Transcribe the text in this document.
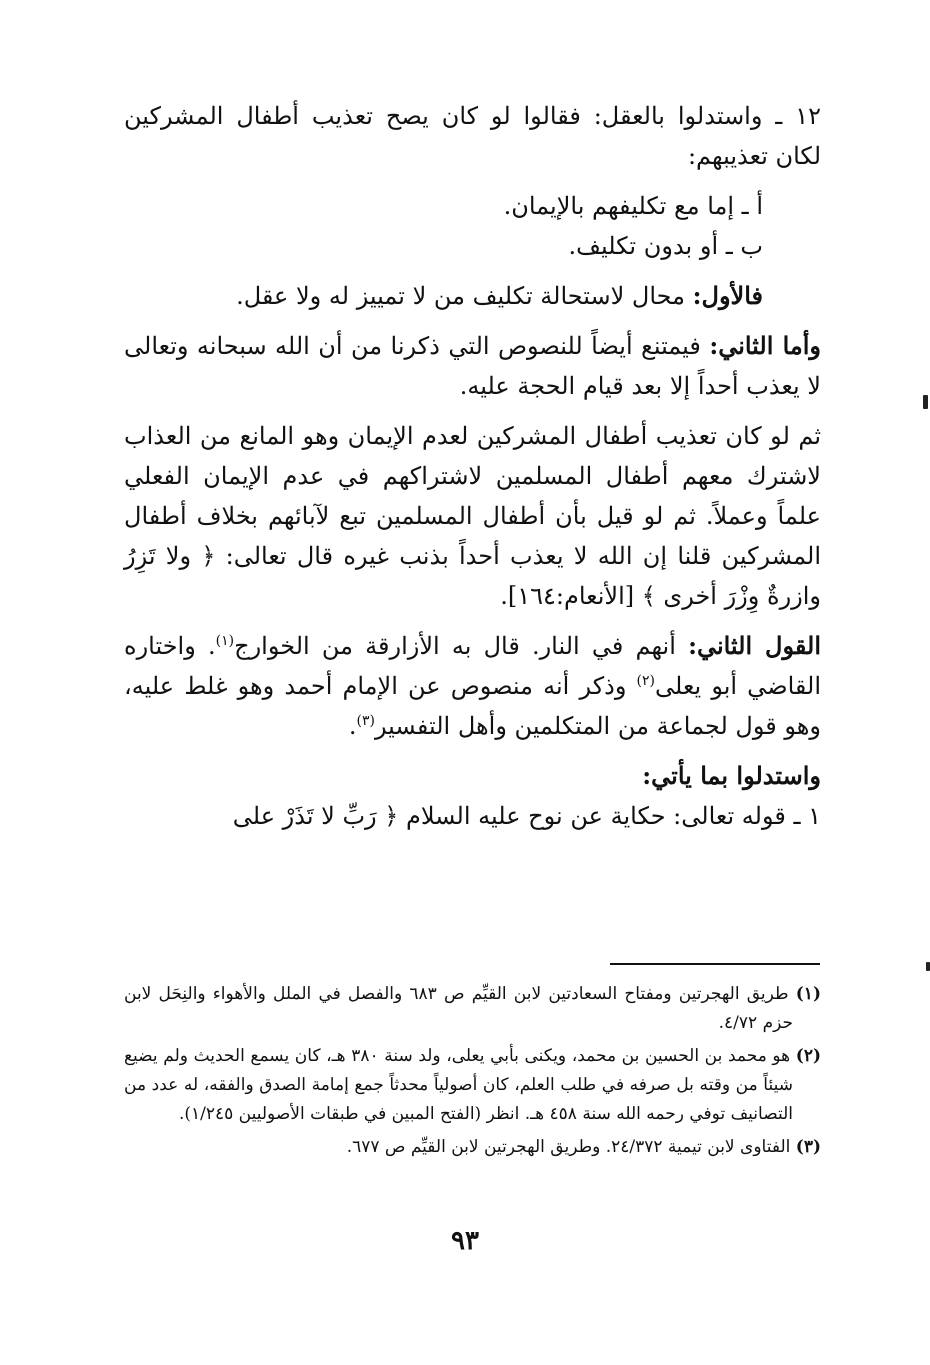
١٢ ـ واستدلوا بالعقل: فقالوا لو كان يصح تعذيب أطفال المشركين لكان تعذيبهم:

أ ـ إما مع تكليفهم بالإيمان.

ب ـ أو بدون تكليف.

فالأول: محال لاستحالة تكليف من لا تمييز له ولا عقل.

وأما الثاني: فيمتنع أيضاً للنصوص التي ذكرنا من أن الله سبحانه وتعالى لا يعذب أحداً إلا بعد قيام الحجة عليه.

ثم لو كان تعذيب أطفال المشركين لعدم الإيمان وهو المانع من العذاب لاشترك معهم أطفال المسلمين لاشتراكهم في عدم الإيمان الفعلي علماً وعملاً. ثم لو قيل بأن أطفال المسلمين تبع لآبائهم بخلاف أطفال المشركين قلنا إن الله لا يعذب أحداً بذنب غيره قال تعالى: ﴿ ولا تَزِرُ وازرةٌ وِزْرَ أخرى ﴾ [الأنعام:١٦٤].

القول الثاني: أنهم في النار. قال به الأزارقة من الخوارج$^{(١)}$. واختاره القاضي أبو يعلى$^{(٢)}$ وذكر أنه منصوص عن الإمام أحمد وهو غلط عليه، وهو قول لجماعة من المتكلمين وأهل التفسير$^{(٣)}$.

واستدلوا بما يأتي:

١ ـ قوله تعالى: حكاية عن نوح عليه السلام ﴿ رَبِّ لا تَذَرْ على

(١) طريق الهجرتين ومفتاح السعادتين لابن القيِّم ص ٦٨٣ والفصل في الملل والأهواء والنِحَل لابن حزم ٤/٧٢.

(٢) هو محمد بن الحسين بن محمد، ويكنى بأبي يعلى، ولد سنة ٣٨٠ هـ، كان يسمع الحديث ولم يضيع شيئاً من وقته بل صرفه في طلب العلم، كان أصولياً محدثاً جمع إمامة الصدق والفقه، له عدد من التصانيف توفي رحمه الله سنة ٤٥٨ هـ. انظر (الفتح المبين في طبقات الأصوليين ١/٢٤٥).

(٣) الفتاوى لابن تيمية ٢٤/٣٧٢. وطريق الهجرتين لابن القيِّم ص ٦٧٧.

٩٣
